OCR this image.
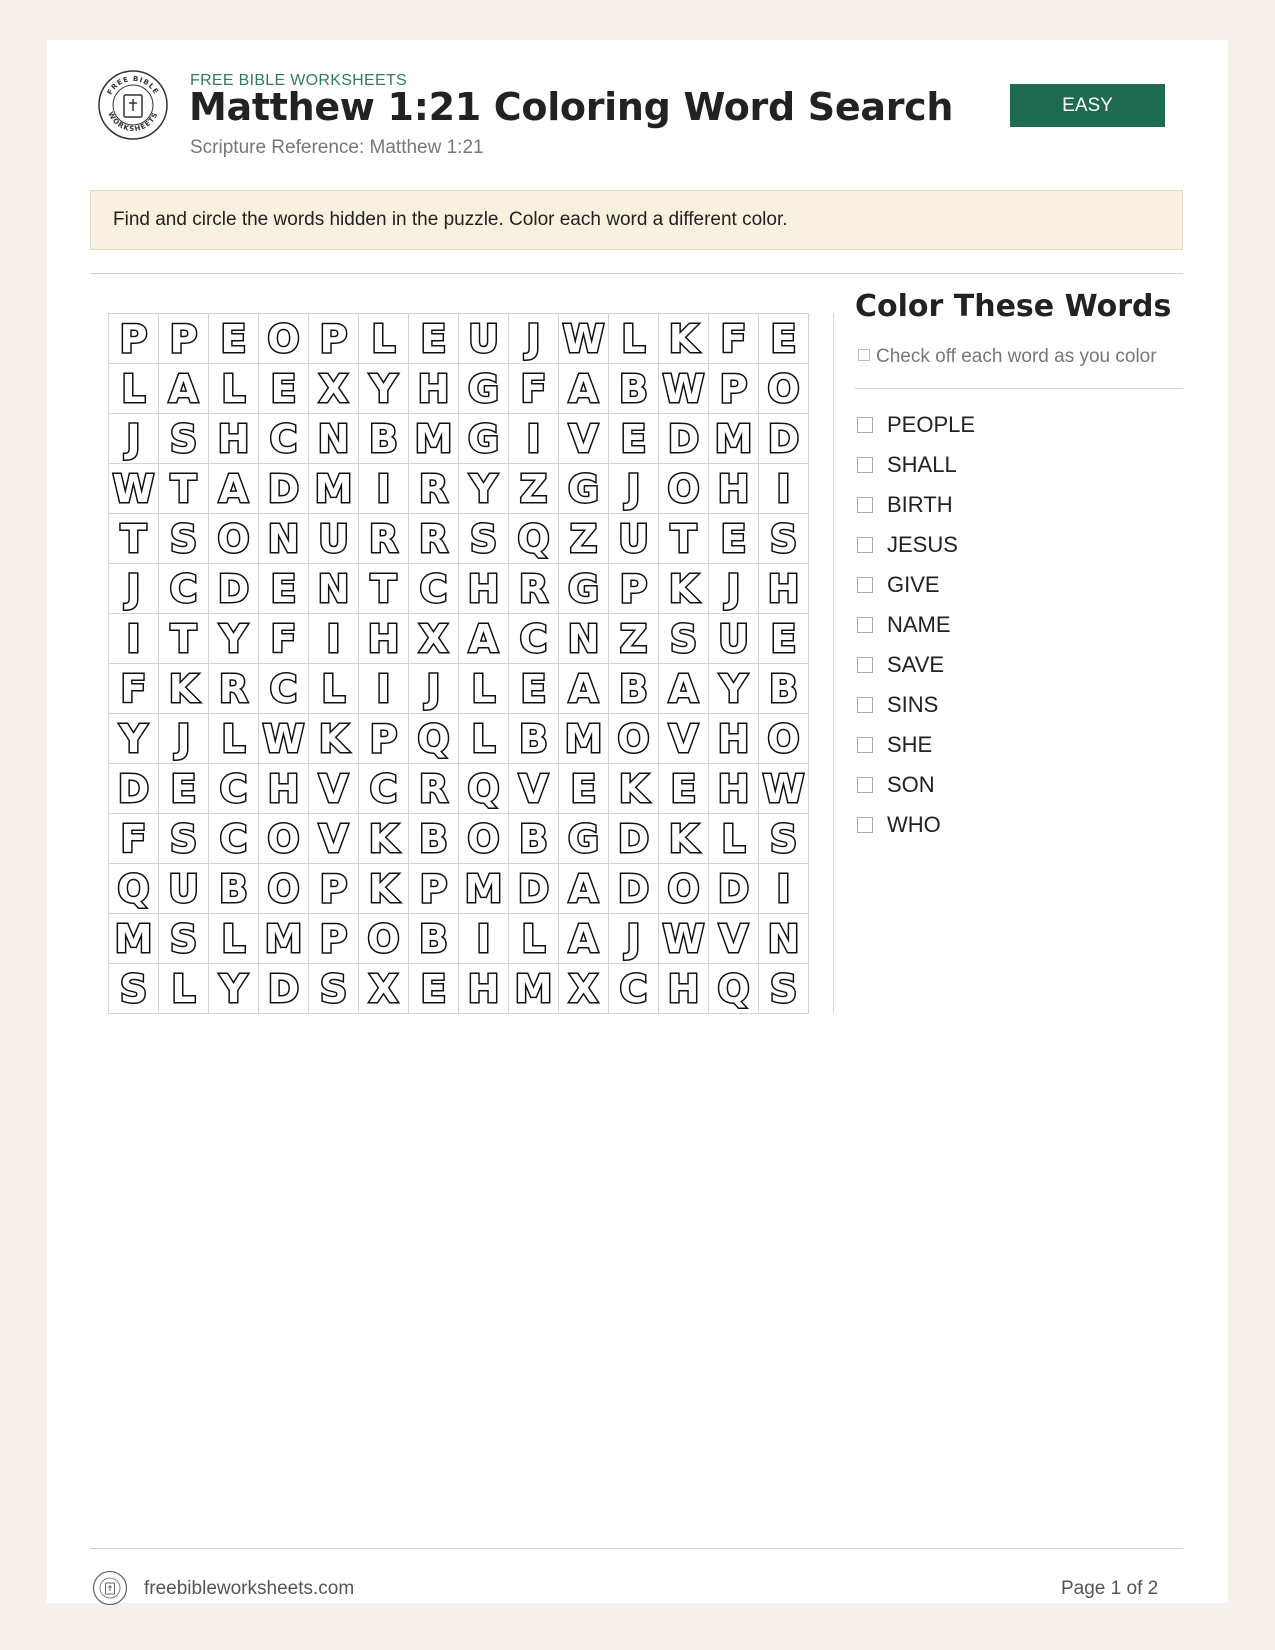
FREE BIBLE
WORKSHEETS
FREE BIBLE WORKSHEETS
Matthew 1:21 Coloring Word Search
Scripture Reference: Matthew 1:21
EASY
Find and circle the words hidden in the puzzle. Color each word a different color.
P P E O P L E U J W L K F E
L A L E X Y H G F A B W P O
J S H C N B M G I V E D M D
W T A D M I R Y Z G J O H I
T S O N U R R S Q Z U T E S
J C D E N T C H R G P K J H
I T Y F I H X A C N Z S U E
F K R C L I J L E A B A Y B
Y J L W K P Q L B M O V H O
D E C H V C R Q V E K E H W
F S C O V K B O B G D K L S
Q U B O P K P M D A D O D I
M S L M P O B I L A J W V N
S L Y D S X E H M X C H Q S
Color These Words
Check off each word as you color
PEOPLE
SHALL
BIRTH
JESUS
GIVE
NAME
SAVE
SINS
SHE
SON
WHO
freebibleworksheets.com	Page 1 of 2
